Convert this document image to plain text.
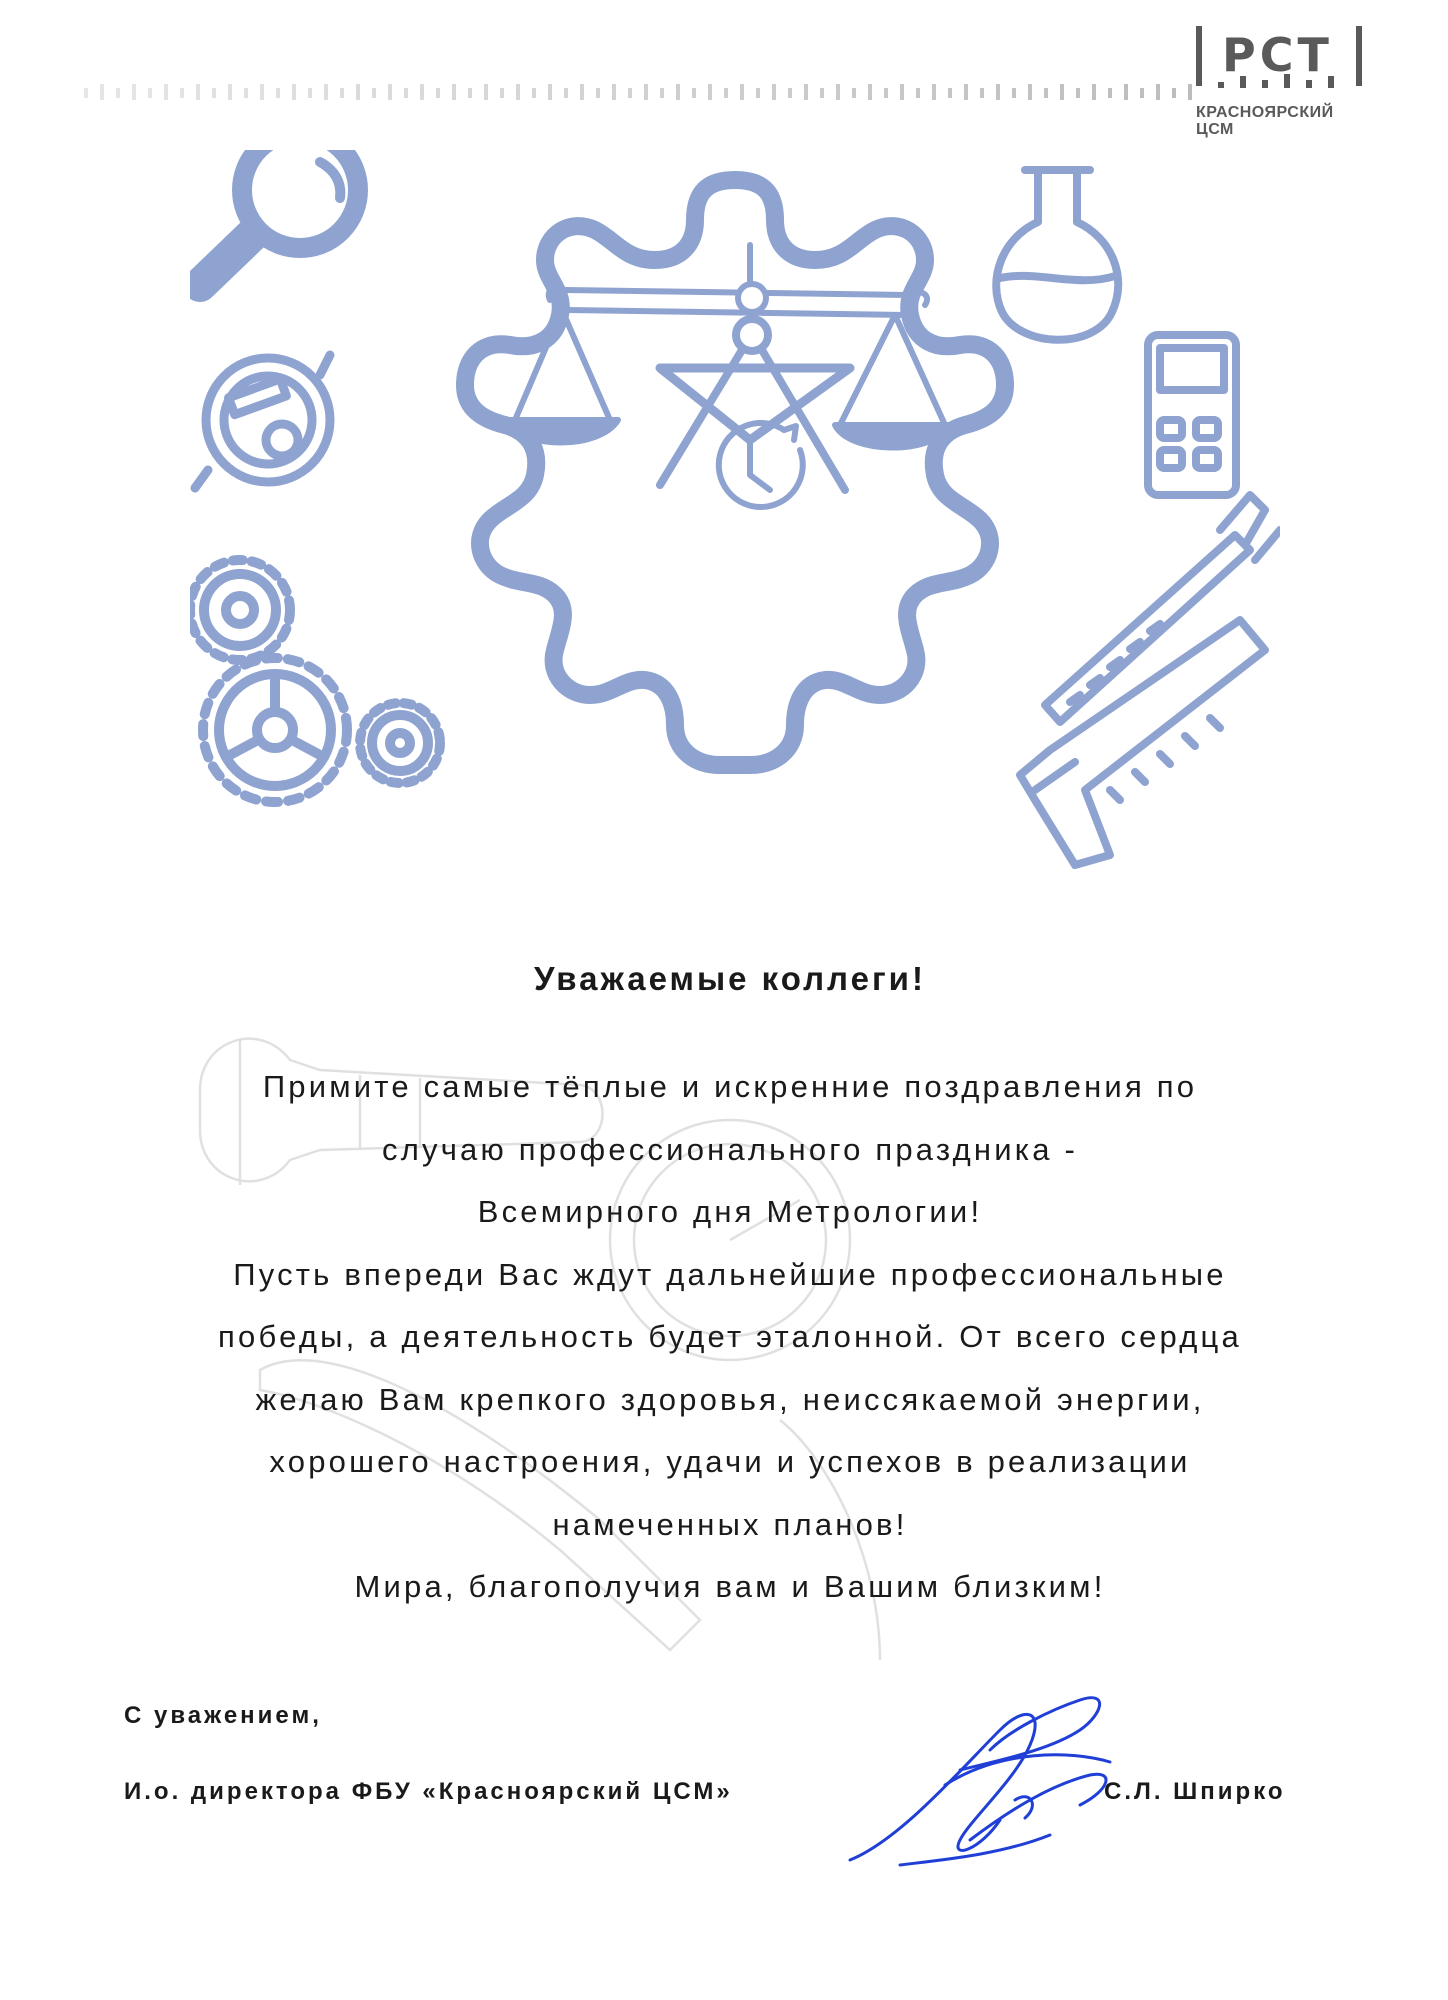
РСТ
КРАСНОЯРСКИЙ
ЦСМ

Уважаемые коллеги!

Примите самые тёплые и искренние поздравления по
случаю профессионального праздника -
Всемирного дня Метрологии!
Пусть впереди Вас ждут дальнейшие профессиональные
победы, а деятельность будет эталонной. От всего сердца
желаю Вам крепкого здоровья, неиссякаемой энергии,
хорошего настроения, удачи и успехов в реализации
намеченных планов!
Мира, благополучия вам и Вашим близким!

С уважением,
И.о. директора ФБУ «Красноярский ЦСМ»	С.Л. Шпирко
